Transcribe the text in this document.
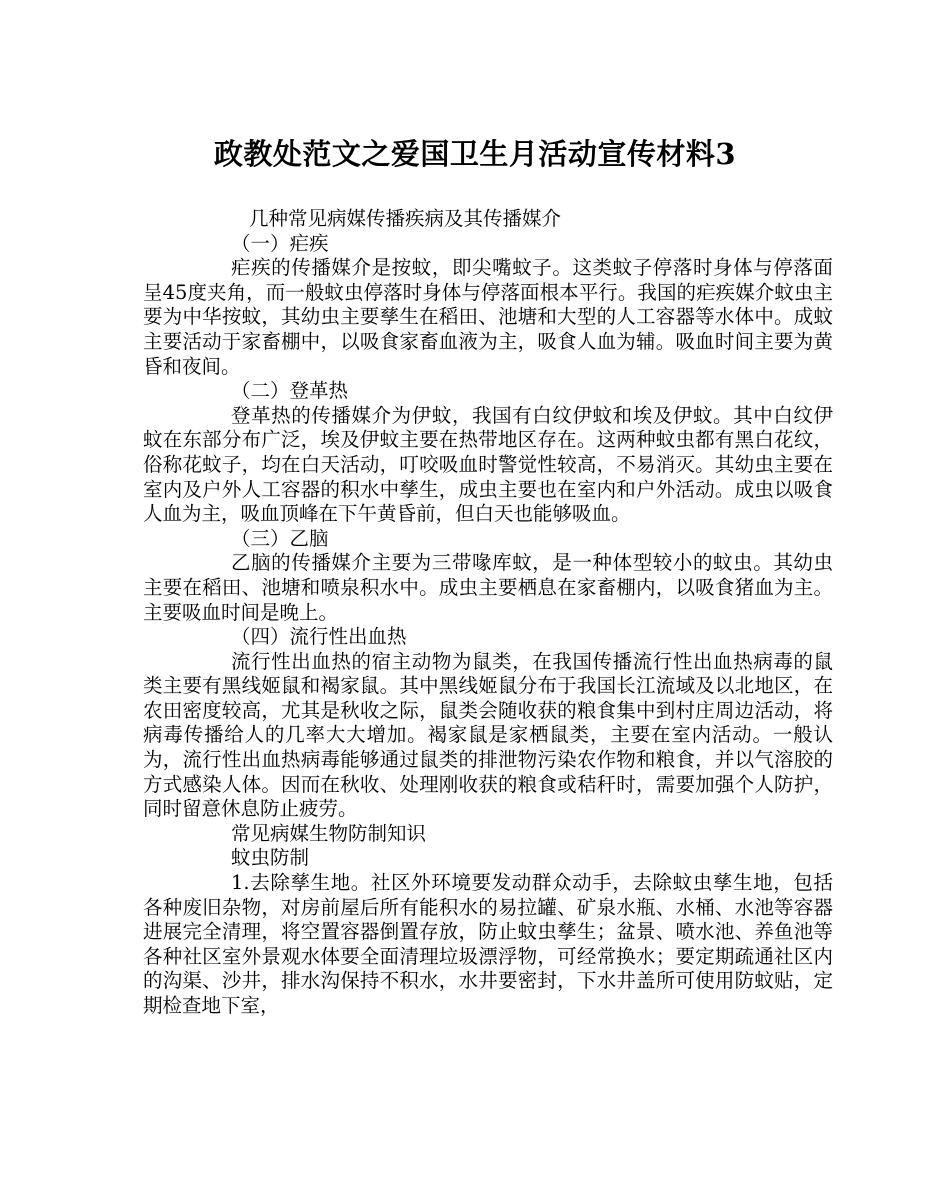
政教处范文之爱国卫生月活动宣传材料3

几种常见病媒传播疾病及其传播媒介

（一）疟疾

疟疾的传播媒介是按蚊，即尖嘴蚊子。这类蚊子停落时身体与停落面呈45度夹角，而一般蚊虫停落时身体与停落面根本平行。我国的疟疾媒介蚊虫主要为中华按蚊，其幼虫主要孳生在稻田、池塘和大型的人工容器等水体中。成蚊主要活动于家畜棚中，以吸食家畜血液为主，吸食人血为辅。吸血时间主要为黄昏和夜间。

（二）登革热

登革热的传播媒介为伊蚊，我国有白纹伊蚊和埃及伊蚊。其中白纹伊蚊在东部分布广泛，埃及伊蚊主要在热带地区存在。这两种蚊虫都有黑白花纹，俗称花蚊子，均在白天活动，叮咬吸血时警觉性较高，不易消灭。其幼虫主要在室内及户外人工容器的积水中孳生，成虫主要也在室内和户外活动。成虫以吸食人血为主，吸血顶峰在下午黄昏前，但白天也能够吸血。

（三）乙脑

乙脑的传播媒介主要为三带喙库蚊，是一种体型较小的蚊虫。其幼虫主要在稻田、池塘和喷泉积水中。成虫主要栖息在家畜棚内，以吸食猪血为主。主要吸血时间是晚上。

（四）流行性出血热

流行性出血热的宿主动物为鼠类，在我国传播流行性出血热病毒的鼠类主要有黑线姬鼠和褐家鼠。其中黑线姬鼠分布于我国长江流域及以北地区，在农田密度较高，尤其是秋收之际，鼠类会随收获的粮食集中到村庄周边活动，将病毒传播给人的几率大大增加。褐家鼠是家栖鼠类，主要在室内活动。一般认为，流行性出血热病毒能够通过鼠类的排泄物污染农作物和粮食，并以气溶胶的方式感染人体。因而在秋收、处理刚收获的粮食或秸秆时，需要加强个人防护，同时留意休息防止疲劳。

常见病媒生物防制知识

蚊虫防制

1.去除孳生地。社区外环境要发动群众动手，去除蚊虫孳生地，包括各种废旧杂物，对房前屋后所有能积水的易拉罐、矿泉水瓶、水桶、水池等容器进展完全清理，将空置容器倒置存放，防止蚊虫孳生；盆景、喷水池、养鱼池等各种社区室外景观水体要全面清理垃圾漂浮物，可经常换水；要定期疏通社区内的沟渠、沙井，排水沟保持不积水，水井要密封，下水井盖所可使用防蚊贴，定期检查地下室，
